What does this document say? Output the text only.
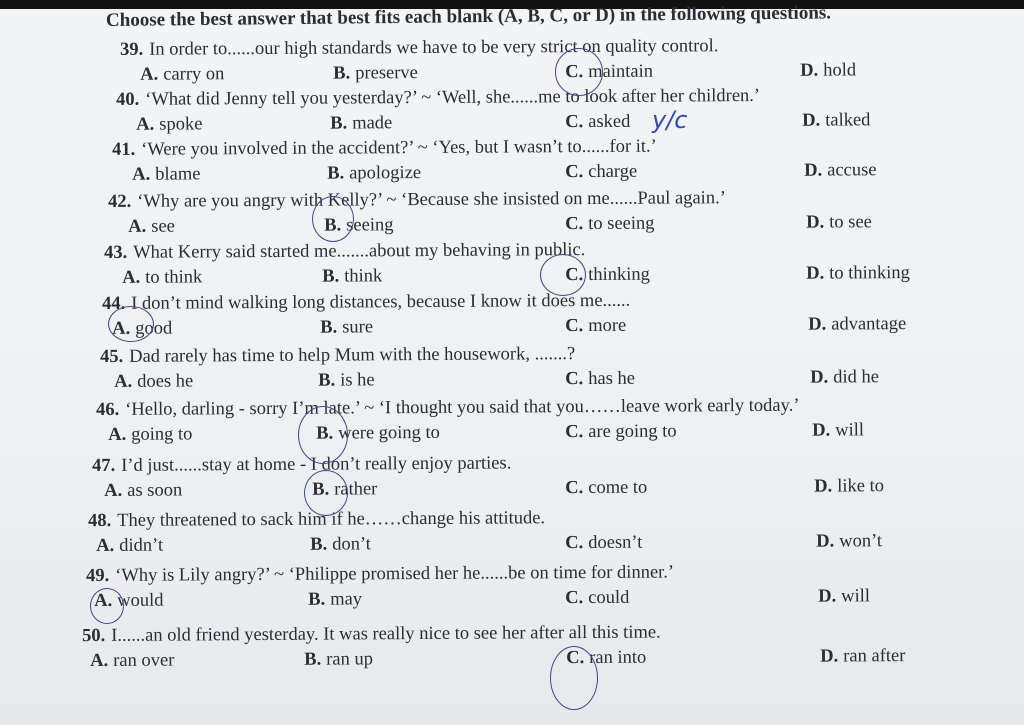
Choose the best answer that best fits each blank (A, B, C, or D) in the following questions.
39. In order to......our high standards we have to be very strict on quality control.
A. carry on	B. preserve	C. maintain	D. hold
40. ‘What did Jenny tell you yesterday?’ ~ ‘Well, she......me to look after her children.’
A. spoke	B. made	C. asked	D. talked
41. ‘Were you involved in the accident?’ ~ ‘Yes, but I wasn’t to......for it.’
A. blame	B. apologize	C. charge	D. accuse
42. ‘Why are you angry with Kelly?’ ~ ‘Because she insisted on me......Paul again.’
A. see	B. seeing	C. to seeing	D. to see
43. What Kerry said started me.......about my behaving in public.
A. to think	B. think	C. thinking	D. to thinking
44. I don’t mind walking long distances, because I know it does me......
A. good	B. sure	C. more	D. advantage
45. Dad rarely has time to help Mum with the housework, .......?
A. does he	B. is he	C. has he	D. did he
46. ‘Hello, darling - sorry I’m late.’ ~ ‘I thought you said that you……leave work early today.’
A. going to	B. were going to	C. are going to	D. will
47. I’d just......stay at home - I don’t really enjoy parties.
A. as soon	B. rather	C. come to	D. like to
48. They threatened to sack him if he……change his attitude.
A. didn’t	B. don’t	C. doesn’t	D. won’t
49. ‘Why is Lily angry?’ ~ ‘Philippe promised her he......be on time for dinner.’
A. would	B. may	C. could	D. will
50. I......an old friend yesterday. It was really nice to see her after all this time.
A. ran over	B. ran up	C. ran into	D. ran after
y/c
